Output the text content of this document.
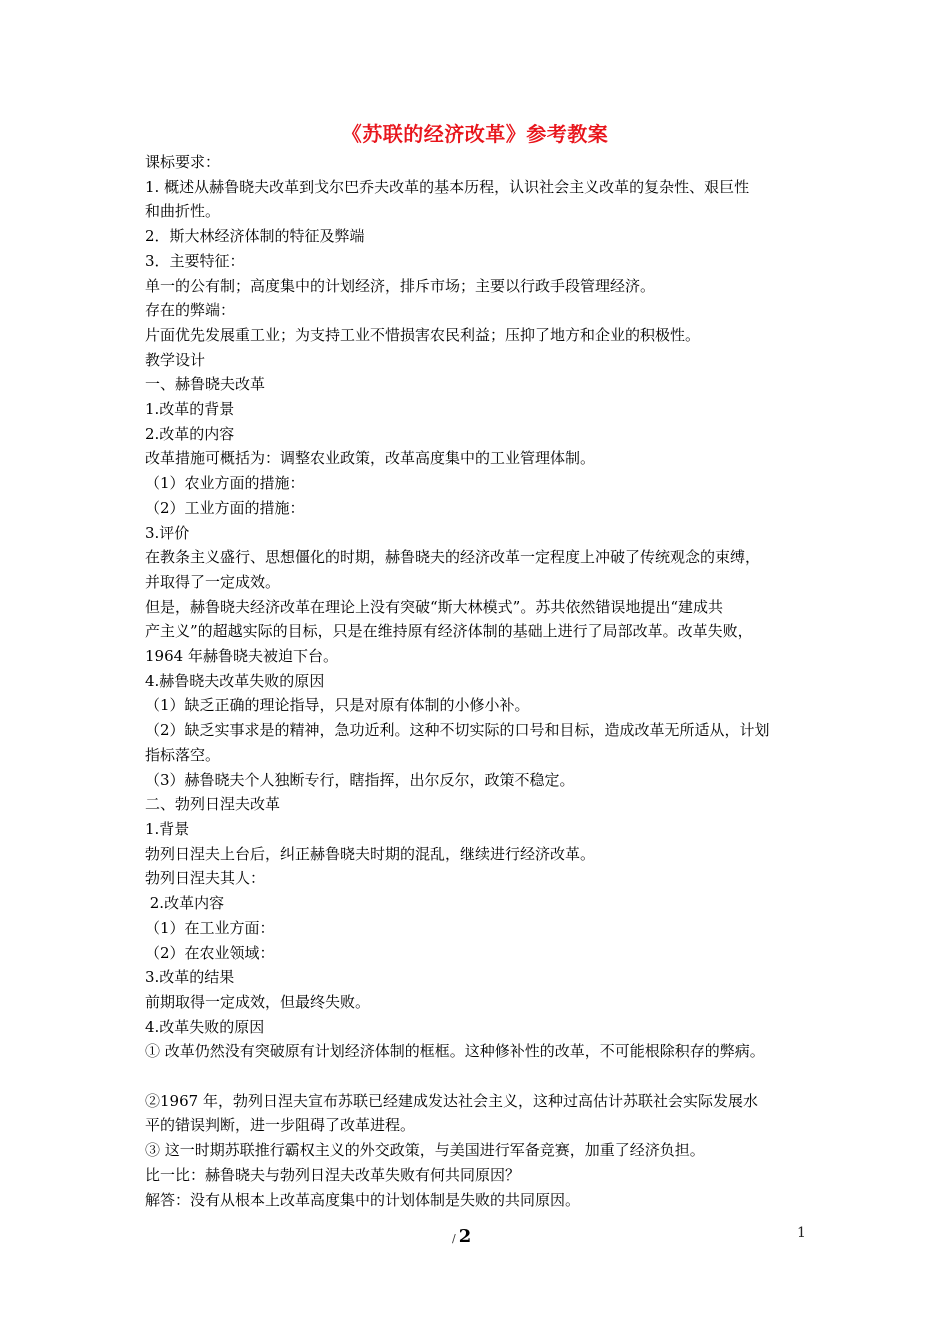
《苏联的经济改革》参考教案

课标要求：

1. 概述从赫鲁晓夫改革到戈尔巴乔夫改革的基本历程，认识社会主义改革的复杂性、艰巨性

和曲折性。

2．斯大林经济体制的特征及弊端

3．主要特征：

单一的公有制；高度集中的计划经济，排斥市场；主要以行政手段管理经济。

存在的弊端：

片面优先发展重工业；为支持工业不惜损害农民利益；压抑了地方和企业的积极性。

教学设计

一、赫鲁晓夫改革

1.改革的背景

2.改革的内容

改革措施可概括为：调整农业政策，改革高度集中的工业管理体制。

（1）农业方面的措施：

（2）工业方面的措施：

3.评价

在教条主义盛行、思想僵化的时期，赫鲁晓夫的经济改革一定程度上冲破了传统观念的束缚，

并取得了一定成效。

但是，赫鲁晓夫经济改革在理论上没有突破“斯大林模式”。苏共依然错误地提出“建成共

产主义”的超越实际的目标，只是在维持原有经济体制的基础上进行了局部改革。改革失败，

1964 年赫鲁晓夫被迫下台。

4.赫鲁晓夫改革失败的原因

（1）缺乏正确的理论指导，只是对原有体制的小修小补。

（2）缺乏实事求是的精神，急功近利。这种不切实际的口号和目标，造成改革无所适从，计划

指标落空。

（3）赫鲁晓夫个人独断专行，瞎指挥，出尔反尔，政策不稳定。

二、勃列日涅夫改革

1.背景

勃列日涅夫上台后，纠正赫鲁晓夫时期的混乱，继续进行经济改革。

勃列日涅夫其人：

2.改革内容

（1）在工业方面：

（2）在农业领域：

3.改革的结果

前期取得一定成效，但最终失败。

4.改革失败的原因

① 改革仍然没有突破原有计划经济体制的框框。这种修补性的改革，不可能根除积存的弊病。

②1967 年，勃列日涅夫宣布苏联已经建成发达社会主义，这种过高估计苏联社会实际发展水

平的错误判断，进一步阻碍了改革进程。

③ 这一时期苏联推行霸权主义的外交政策，与美国进行军备竞赛，加重了经济负担。

比一比：赫鲁晓夫与勃列日涅夫改革失败有何共同原因？

解答：没有从根本上改革高度集中的计划体制是失败的共同原因。

/ 2	1
